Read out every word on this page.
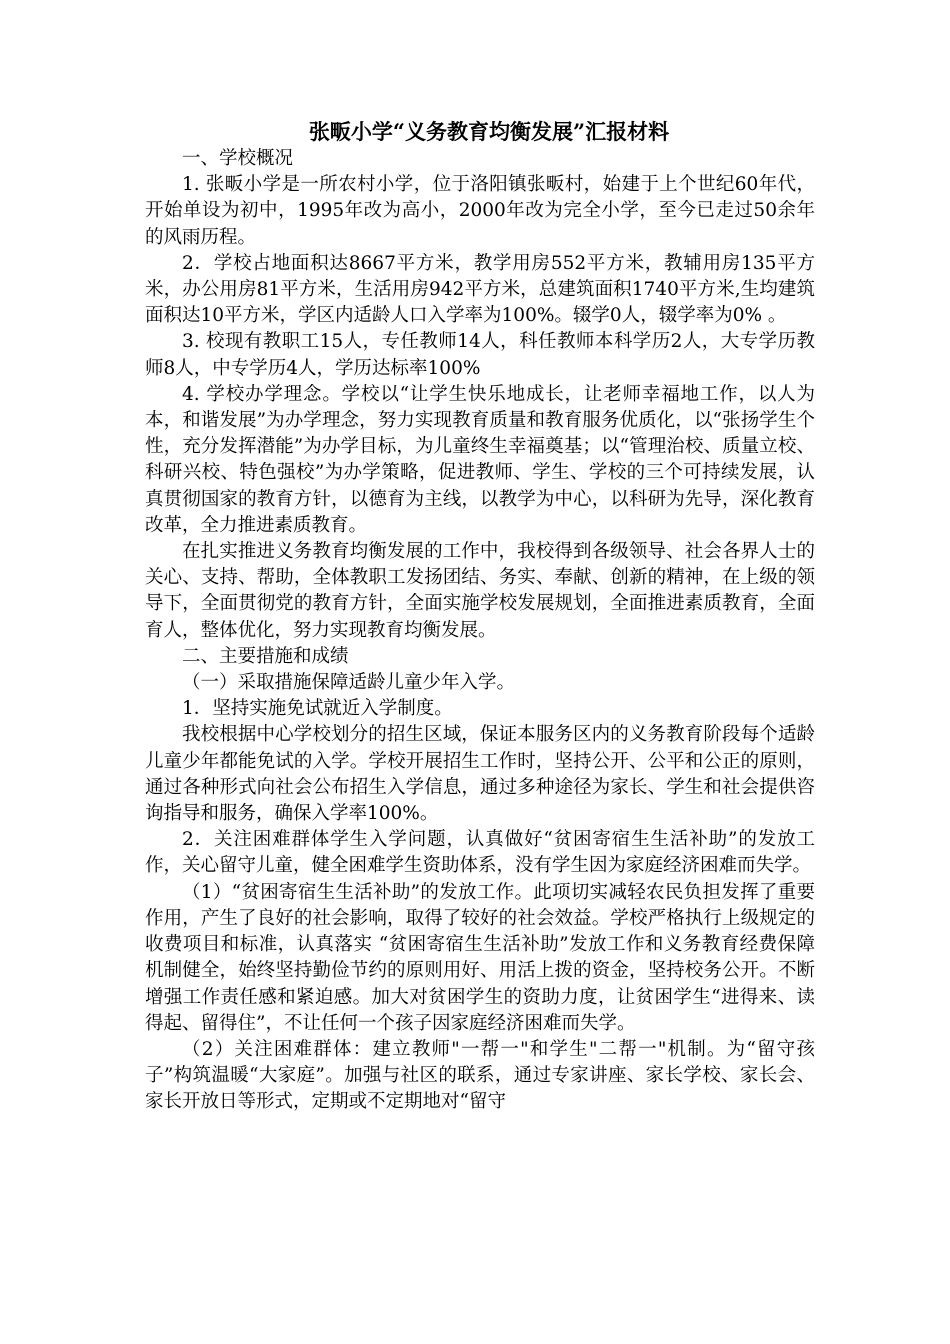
张畈小学“义务教育均衡发展”汇报材料

一、学校概况

1. 张畈小学是一所农村小学，位于洛阳镇张畈村，始建于上个世纪60年代，开始单设为初中，1995年改为高小，2000年改为完全小学，至今已走过50余年的风雨历程。

2．学校占地面积达8667平方米，教学用房552平方米，教辅用房135平方米，办公用房81平方米，生活用房942平方米，总建筑面积1740平方米,生均建筑面积达10平方米，学区内适龄人口入学率为100%。辍学0人，辍学率为0% 。

3. 校现有教职工15人，专任教师14人，科任教师本科学历2人，大专学历教师8人，中专学历4人，学历达标率100%

4. 学校办学理念。学校以“让学生快乐地成长，让老师幸福地工作，以人为本，和谐发展”为办学理念，努力实现教育质量和教育服务优质化，以“张扬学生个性，充分发挥潜能”为办学目标，为儿童终生幸福奠基；以“管理治校、质量立校、科研兴校、特色强校”为办学策略，促进教师、学生、学校的三个可持续发展，认真贯彻国家的教育方针，以德育为主线，以教学为中心，以科研为先导，深化教育改革，全力推进素质教育。

在扎实推进义务教育均衡发展的工作中，我校得到各级领导、社会各界人士的关心、支持、帮助，全体教职工发扬团结、务实、奉献、创新的精神，在上级的领导下，全面贯彻党的教育方针，全面实施学校发展规划，全面推进素质教育，全面育人，整体优化，努力实现教育均衡发展。

二、主要措施和成绩

（一）采取措施保障适龄儿童少年入学。

1．坚持实施免试就近入学制度。

我校根据中心学校划分的招生区域，保证本服务区内的义务教育阶段每个适龄儿童少年都能免试的入学。学校开展招生工作时，坚持公开、公平和公正的原则，通过各种形式向社会公布招生入学信息，通过多种途径为家长、学生和社会提供咨询指导和服务，确保入学率100%。

2．关注困难群体学生入学问题，认真做好“贫困寄宿生生活补助”的发放工作，关心留守儿童，健全困难学生资助体系，没有学生因为家庭经济困难而失学。

（1）“贫困寄宿生生活补助”的发放工作。此项切实减轻农民负担发挥了重要作用，产生了良好的社会影响，取得了较好的社会效益。学校严格执行上级规定的收费项目和标准，认真落实 “贫困寄宿生生活补助”发放工作和义务教育经费保障机制健全，始终坚持勤俭节约的原则用好、用活上拨的资金，坚持校务公开。不断增强工作责任感和紧迫感。加大对贫困学生的资助力度，让贫困学生“进得来、读得起、留得住”，不让任何一个孩子因家庭经济困难而失学。

（2）关注困难群体：建立教师"一帮一"和学生"二帮一"机制。为“留守孩子”构筑温暖“大家庭”。加强与社区的联系，通过专家讲座、家长学校、家长会、家长开放日等形式，定期或不定期地对“留守
